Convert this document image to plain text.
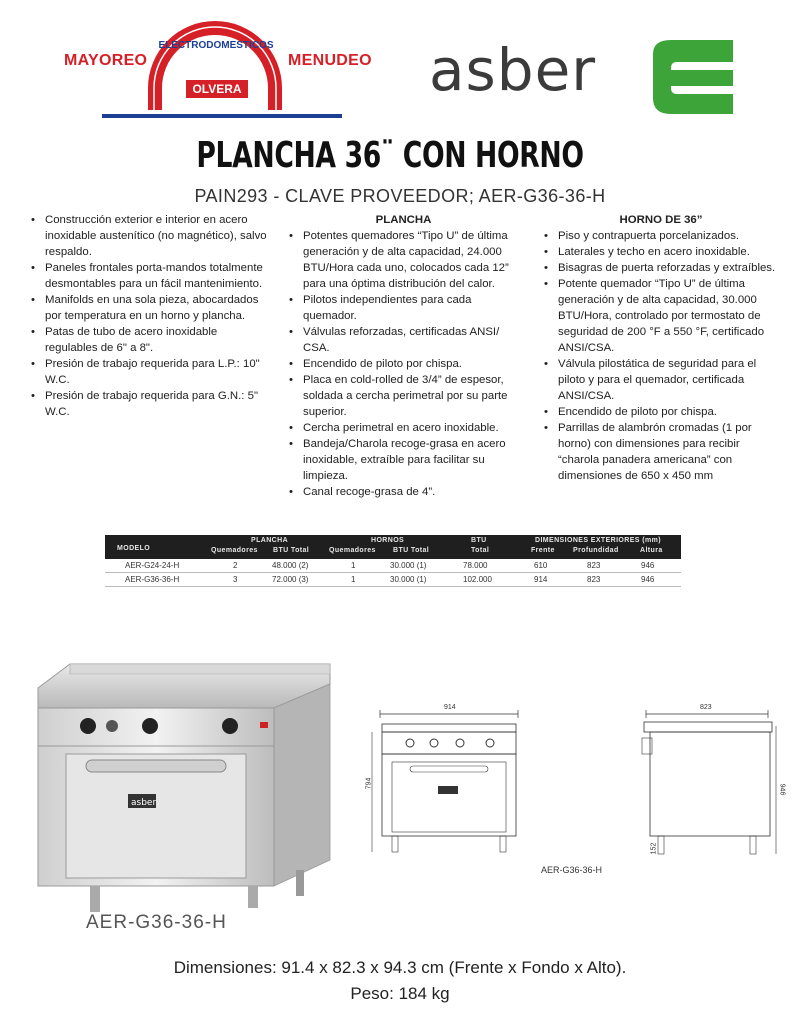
MAYOREO
ELECTRODOMESTICOS
OLVERA
MENUDEO asber
PLANCHA 36¨ CON HORNO
PAIN293 - CLAVE PROVEEDOR; AER-G36-36-H
• Construcción exterior e interior en acero inoxidable austenítico (no magnético), salvo respaldo.
• Paneles frontales porta-mandos totalmente desmontables para un fácil mantenimiento.
• Manifolds en una sola pieza, abocardados por temperatura en un horno y plancha.
• Patas de tubo de acero inoxidable regulables de 6" a 8".
• Presión de trabajo requerida para L.P.: 10" W.C.
• Presión de trabajo requerida para G.N.: 5" W.C.
PLANCHA
• Potentes quemadores “Tipo U” de última generación y de alta capacidad, 24.000 BTU/Hora cada uno, colocados cada 12” para una óptima distribución del calor.
• Pilotos independientes para cada quemador.
• Válvulas reforzadas, certificadas ANSI/ CSA.
• Encendido de piloto por chispa.
• Placa en cold-rolled de 3/4” de espesor, soldada a cercha perimetral por su parte superior.
• Cercha perimetral en acero inoxidable.
• Bandeja/Charola recoge-grasa en acero inoxidable, extraíble para facilitar su limpieza.
• Canal recoge-grasa de 4”.
HORNO DE 36”
• Piso y contrapuerta porcelanizados.
• Laterales y techo en acero inoxidable.
• Bisagras de puerta reforzadas y extraíbles.
• Potente quemador “Tipo U” de última generación y de alta capacidad, 30.000 BTU/Hora, controlado por termostato de seguridad de 200 °F a 550 °F, certificado ANSI/CSA.
• Válvula pilostática de seguridad para el piloto y para el quemador, certificada ANSI/CSA.
• Encendido de piloto por chispa.
• Parrillas de alambrón cromadas (1 por horno) con dimensiones para recibir “charola panadera americana” con dimensiones de 650 x 450 mm
PLANCHA	HORNOS	BTU	DIMENSIONES EXTERIORES (mm)
MODELO	Quemadores BTU Total	Quemadores BTU Total	Total	Frente	Profundidad	Altura
AER-G24-24-H	2	48.000 (2)	1	30.000 (1)	78.000	610	823	946
AER-G36-36-H	3	72.000 (3)	1	30.000 (1)	102.000	914	823	946
asber
AER-G36-36-H
914
794
AER-G36-36-H
823
946
152
Dimensiones: 91.4 x 82.3 x 94.3 cm (Frente x Fondo x Alto).
Peso: 184 kg
